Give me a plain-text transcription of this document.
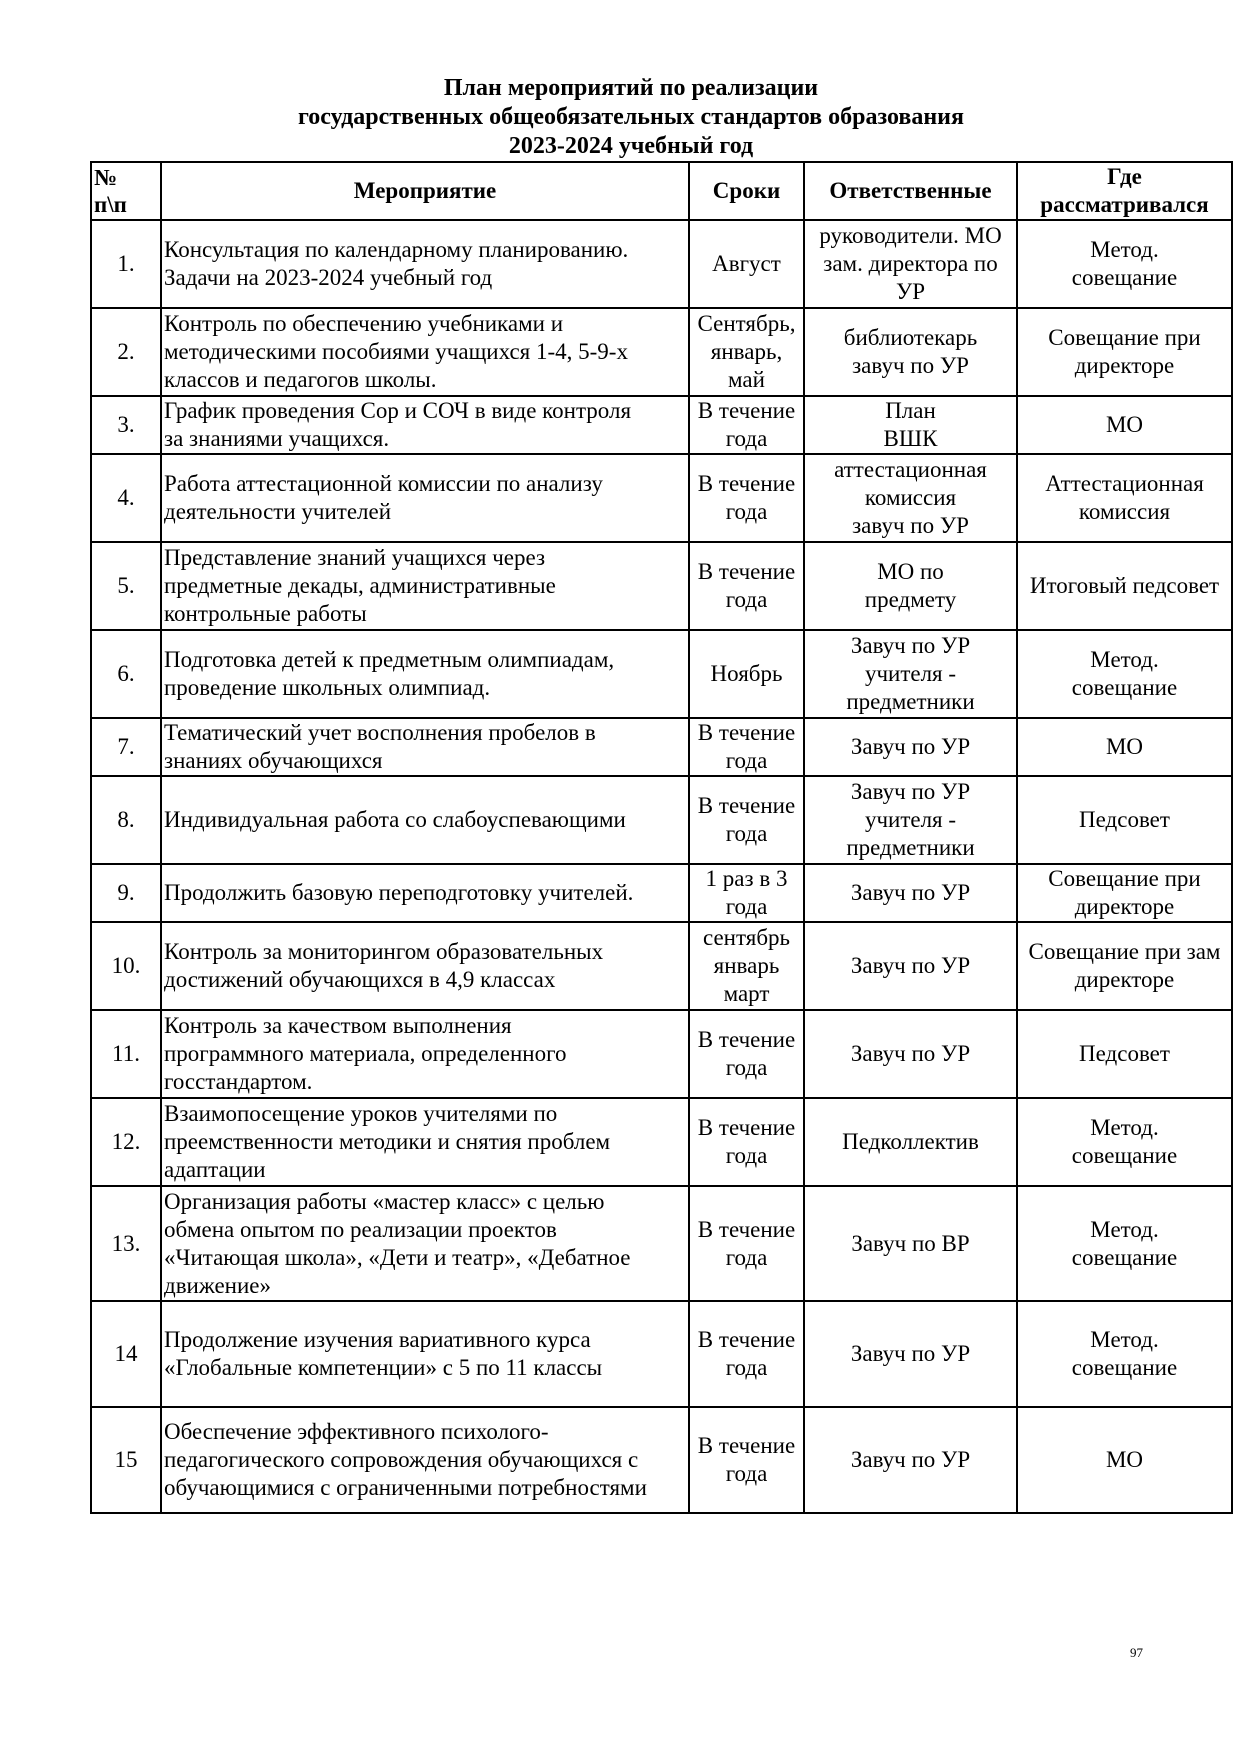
План мероприятий по реализации
государственных общеобязательных стандартов образования
2023-2024 учебный год
№
п\п	Мероприятие	Сроки	Ответственные	Где
рассматривался
1.	Консультация по календарному планированию.
Задачи на 2023-2024 учебный год	Август	руководители. МО
зам. директора по
УР	Метод.
совещание
2.	Контроль по обеспечению учебниками и
методическими пособиями учащихся 1-4, 5-9-х
классов и педагогов школы.	Сентябрь,
январь,
май	библиотекарь
завуч по УР	Совещание при
директоре
3.	График проведения Сор и СОЧ в виде контроля
за знаниями учащихся.	В течение
года	План
ВШК	МО
4.	Работа аттестационной комиссии по анализу
деятельности учителей	В течение
года	аттестационная
комиссия
завуч по УР	Аттестационная
комиссия
5.	Представление знаний учащихся через
предметные декады, административные
контрольные работы	В течение
года	МО по
предмету	Итоговый педсовет
6.	Подготовка детей к предметным олимпиадам,
проведение школьных олимпиад.	Ноябрь	Завуч по УР
учителя -
предметники	Метод.
совещание
7.	Тематический учет восполнения пробелов в
знаниях обучающихся	В течение
года	Завуч по УР	МО
8.	Индивидуальная работа со слабоуспевающими	В течение
года	Завуч по УР
учителя -
предметники	Педсовет
9.	Продолжить базовую переподготовку учителей.	1 раз в 3
года	Завуч по УР	Совещание при
директоре
10.	Контроль за мониторингом образовательных
достижений обучающихся в 4,9 классах	сентябрь
январь
март	Завуч по УР	Совещание при зам
директоре
11.	Контроль за качеством выполнения
программного материала, определенного
госстандартом.	В течение
года	Завуч по УР	Педсовет
12.	Взаимопосещение уроков учителями по
преемственности методики и снятия проблем
адаптации	В течение
года	Педколлектив	Метод.
совещание
13.	Организация работы «мастер класс» с целью
обмена опытом по реализации проектов
«Читающая школа», «Дети и театр», «Дебатное
движение»	В течение
года	Завуч по ВР	Метод.
совещание
14	Продолжение изучения вариативного курса
«Глобальные компетенции» с 5 по 11 классы	В течение
года	Завуч по УР	Метод.
совещание
15	Обеспечение эффективного психолого-
педагогического сопровождения обучающихся с
обучающимися с ограниченными потребностями	В течение
года	Завуч по УР	МО
97
